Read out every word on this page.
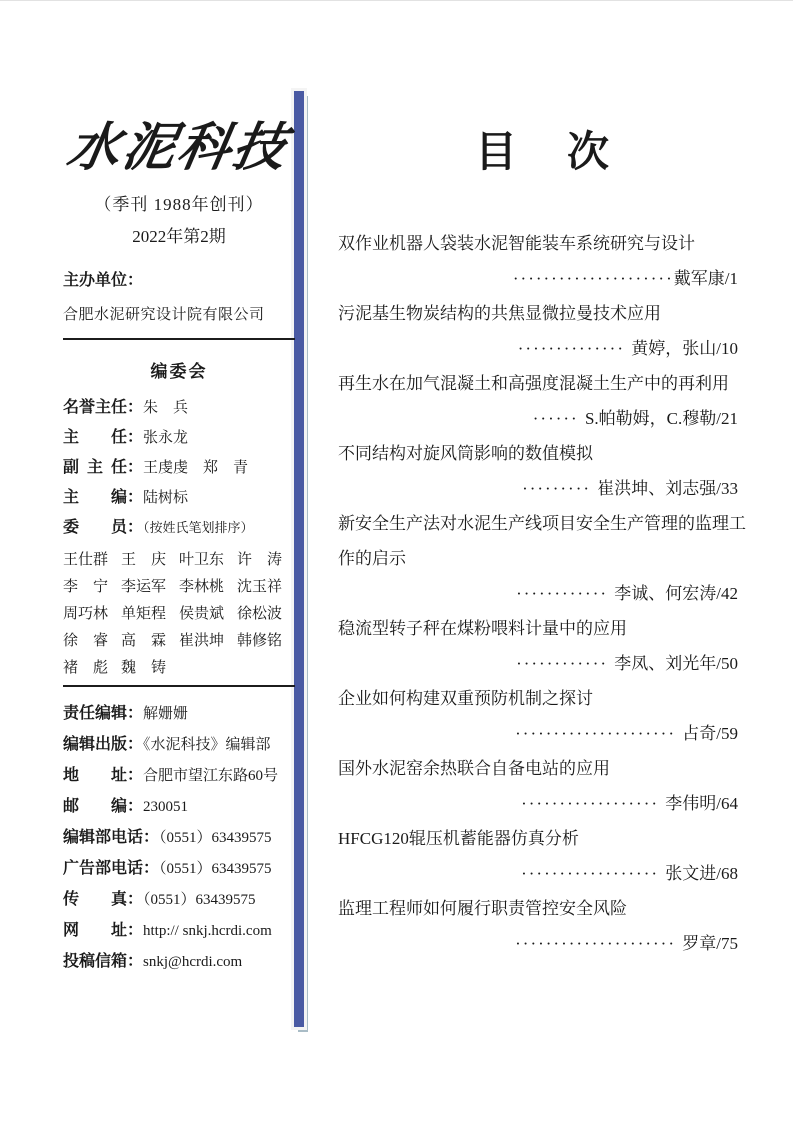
水泥科技
（季刊 1988年创刊）
2022年第2期
主办单位：
合肥水泥研究设计院有限公司
编委会
名誉主任：朱　兵
主  任：张永龙
副 主 任：王虔虔　郑　青
主  编：陆树标
委  员：（按姓氏笔划排序）
王仕群 王　庆 叶卫东 许　涛
李　宁 李运军 李林桃 沈玉祥
周巧林 单矩程 侯贵斌 徐松波
徐　睿 高　霖 崔洪坤 韩修铭
褚　彪 魏　铸
责任编辑：解姗姗
编辑出版：《水泥科技》编辑部
地  址：合肥市望江东路60号
邮  编：230051
编辑部电话：（0551）63439575
广告部电话：（0551）63439575
传  真：（0551）63439575
网  址：http:// snkj.hcrdi.com
投稿信箱：snkj@hcrdi.com
目　次
双作业机器人袋装水泥智能装车系统研究与设计
·····················戴军康/1
污泥基生物炭结构的共焦显微拉曼技术应用
·············· 黄婷，张山/10
再生水在加气混凝土和高强度混凝土生产中的再利用
······ S.帕勒姆，C.穆勒/21
不同结构对旋风筒影响的数值模拟
········· 崔洪坤、刘志强/33
新安全生产法对水泥生产线项目安全生产管理的监理工作的启示
············ 李诚、何宏涛/42
稳流型转子秤在煤粉喂料计量中的应用
············ 李凤、刘光年/50
企业如何构建双重预防机制之探讨
····················· 占奇/59
国外水泥窑余热联合自备电站的应用
·················· 李伟明/64
HFCG120辊压机蓄能器仿真分析
·················· 张文进/68
监理工程师如何履行职责管控安全风险
····················· 罗章/75
